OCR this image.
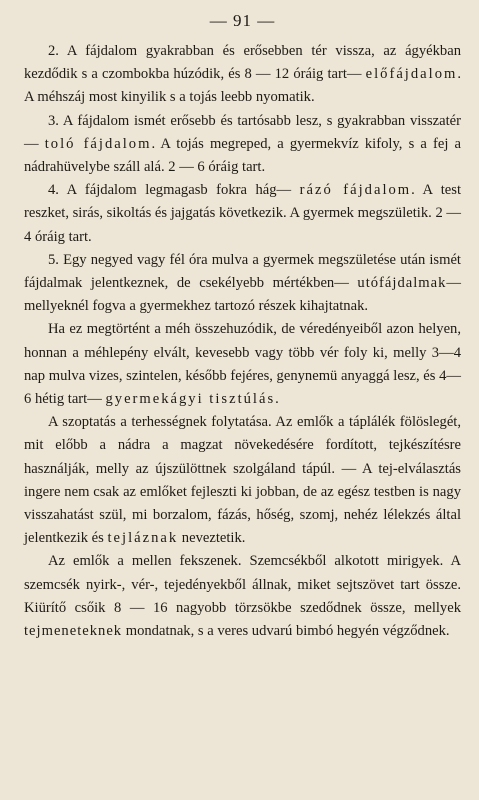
— 91 —

2. A fájdalom gyakrabban és erősebben tér vissza, az ágyékban kezdődik s a czombokba húzódik, és 8 — 12 óráig tart— előfájdalom. A méhszáj most kinyilik s a tojás leebb nyomatik.

3. A fájdalom ismét erősebb és tartósabb lesz, s gyakrabban visszatér— toló fájdalom. A tojás megreped, a gyermekvíz kifoly, s a fej a nádrahüvelybe száll alá. 2 — 6 óráig tart.

4. A fájdalom legmagasb fokra hág— rázó fájdalom. A test reszket, sirás, sikoltás és jajgatás következik. A gyermek megszületik. 2 —4 óráig tart.

5. Egy negyed vagy fél óra mulva a gyermek megszületése után ismét fájdalmak jelentkeznek, de csekélyebb mértékben— utófájdalmak— mellyeknél fogva a gyermekhez tartozó részek kihajtatnak.

Ha ez megtörtént a méh összehuzódik, de véredényeiből azon helyen, honnan a méhlepény elvált, kevesebb vagy több vér foly ki, melly 3—4 nap mulva vizes, szintelen, később fejéres, genynemü anyaggá lesz, és 4—6 hétig tart— gyermekágyi tisztúlás.

A szoptatás a terhességnek folytatása. Az emlők a táplálék fölöslegét, mit előbb a nádra a magzat növekedésére fordított, tejkészítésre használják, melly az újszülöttnek szolgáland tápúl. — A tej-elválasztás ingere nem csak az emlőket fejleszti ki jobban, de az egész testben is nagy visszahatást szül, mi borzalom, fázás, hőség, szomj, nehéz lélekzés által jelentkezik és tejláznak neveztetik.

Az emlők a mellen fekszenek. Szemcsékből alkotott mirigyek. A szemcsék nyirk-, vér-, tejedényekből állnak, miket sejtszövet tart össze. Kiürítő csőik 8 — 16 nagyobb törzsökbe szedődnek össze, mellyek tejmeneteknek mondatnak, s a veres udvarú bimbó hegyén végződnek.
